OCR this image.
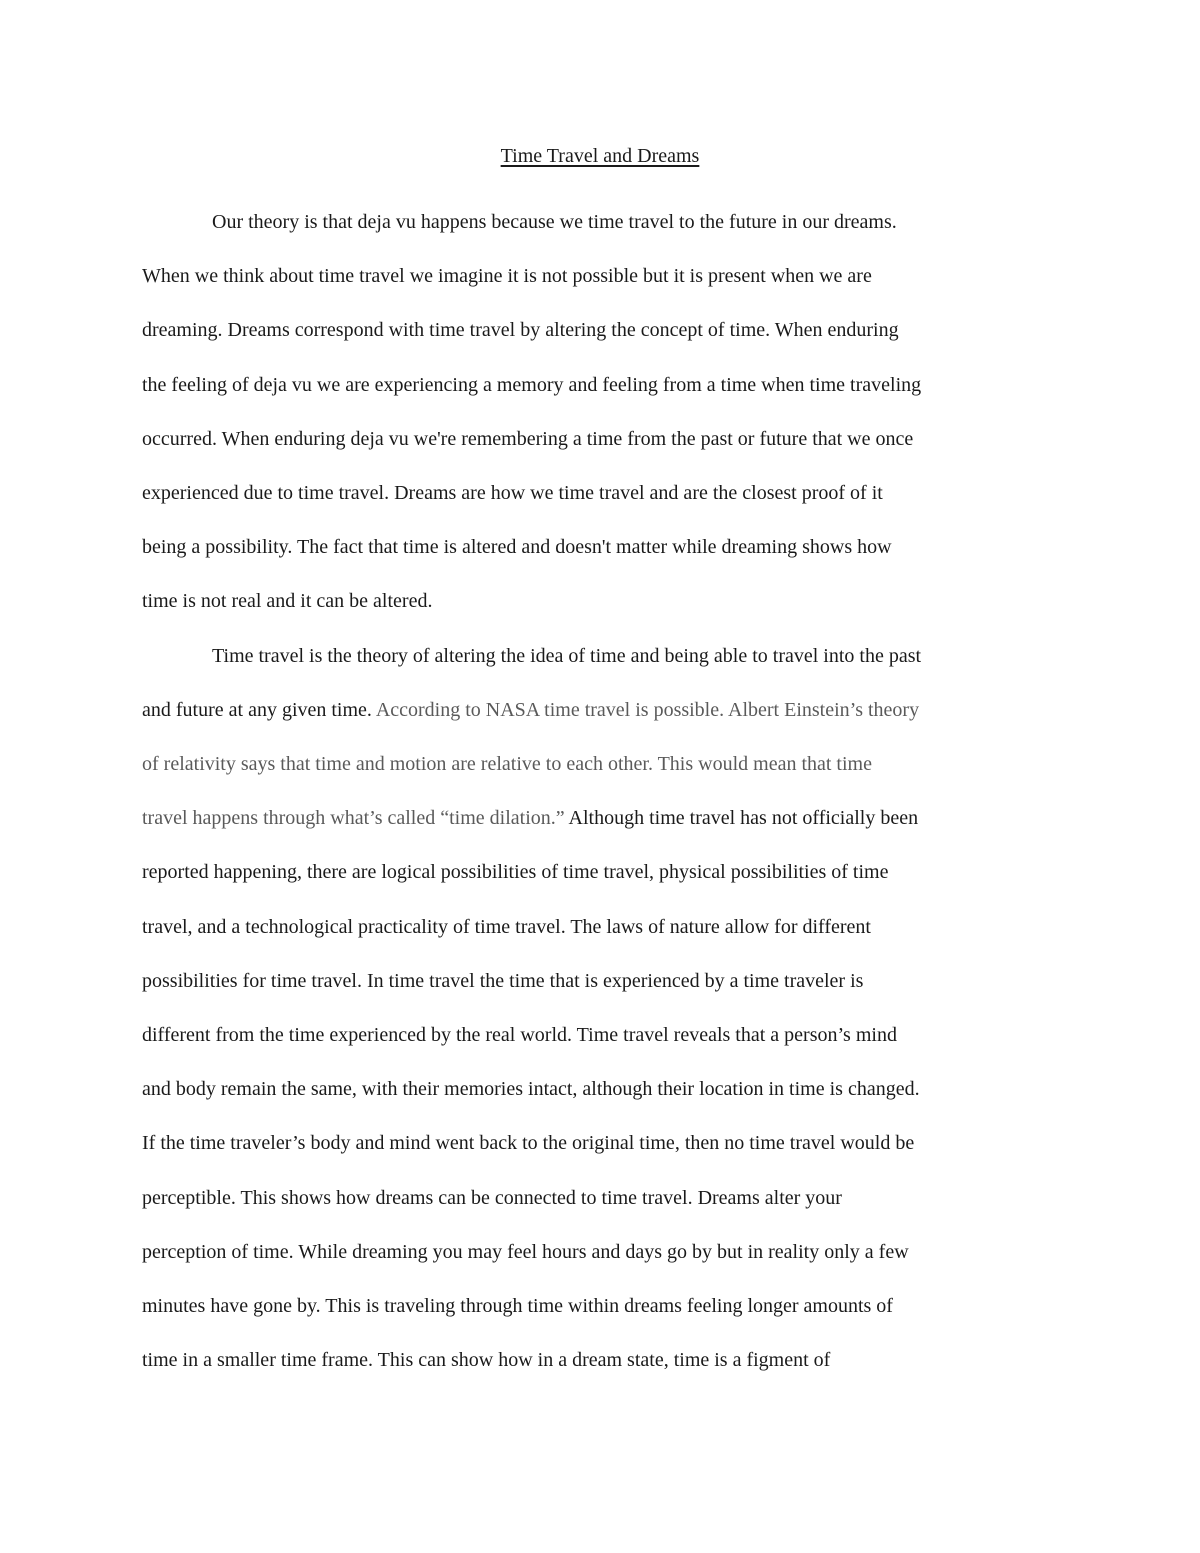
Time Travel and Dreams
Our theory is that deja vu happens because we time travel to the future in our dreams.
When we think about time travel we imagine it is not possible but it is present when we are
dreaming. Dreams correspond with time travel by altering the concept of time. When enduring
the feeling of deja vu we are experiencing a memory and feeling from a time when time traveling
occurred. When enduring deja vu we're remembering a time from the past or future that we once
experienced due to time travel. Dreams are how we time travel and are the closest proof of it
being a possibility. The fact that time is altered and doesn't matter while dreaming shows how
time is not real and it can be altered.
Time travel is the theory of altering the idea of time and being able to travel into the past
and future at any given time. According to NASA time travel is possible. Albert Einstein’s theory
of relativity says that time and motion are relative to each other. This would mean that time
travel happens through what’s called “time dilation.” Although time travel has not officially been
reported happening, there are logical possibilities of time travel, physical possibilities of time
travel, and a technological practicality of time travel. The laws of nature allow for different
possibilities for time travel. In time travel the time that is experienced by a time traveler is
different from the time experienced by the real world. Time travel reveals that a person’s mind
and body remain the same, with their memories intact, although their location in time is changed.
If the time traveler’s body and mind went back to the original time, then no time travel would be
perceptible. This shows how dreams can be connected to time travel. Dreams alter your
perception of time. While dreaming you may feel hours and days go by but in reality only a few
minutes have gone by. This is traveling through time within dreams feeling longer amounts of
time in a smaller time frame. This can show how in a dream state, time is a figment of
